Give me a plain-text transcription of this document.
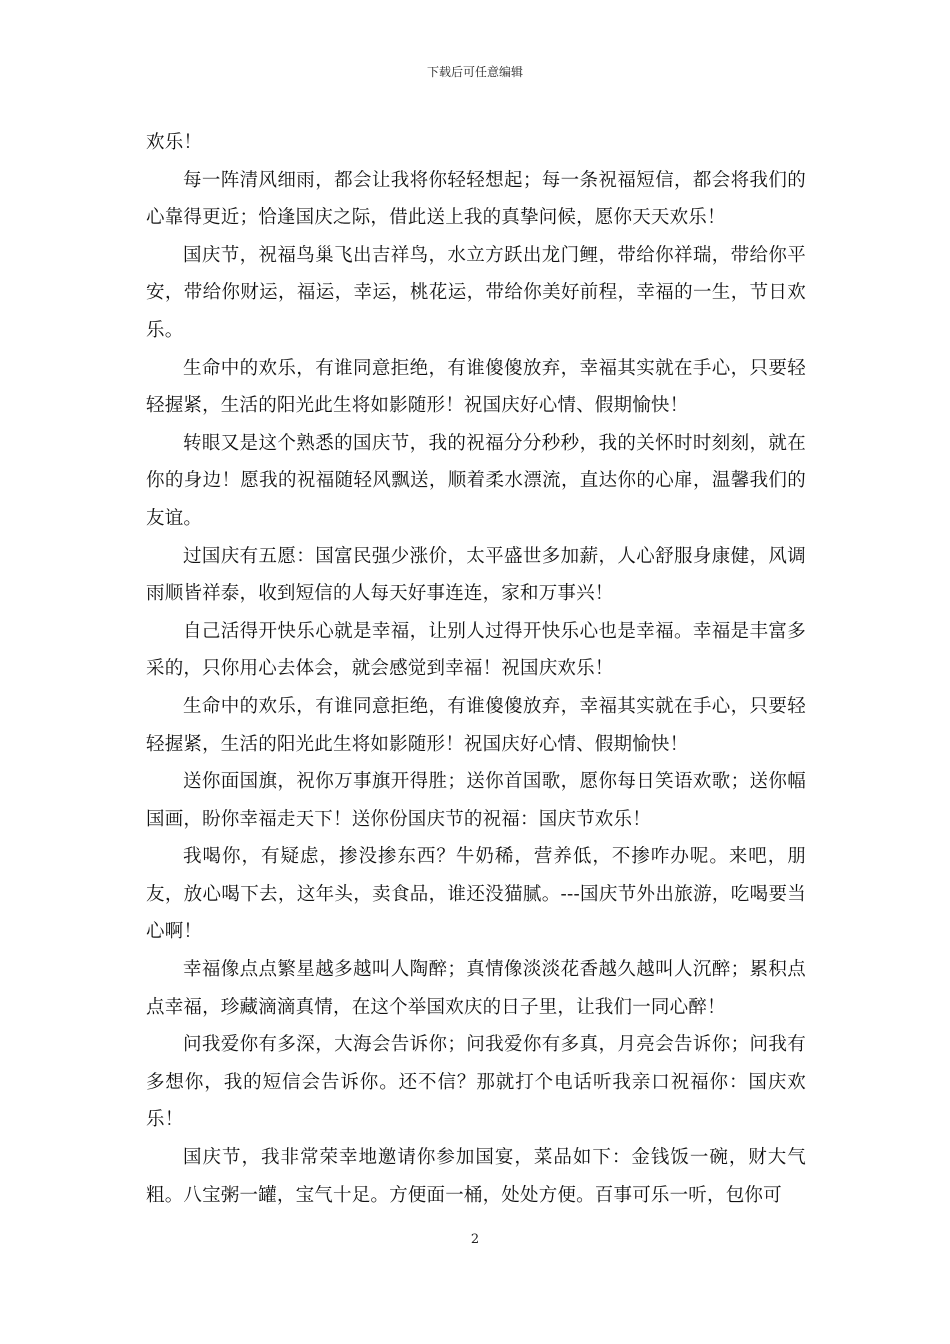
下载后可任意编辑

欢乐！

每一阵清风细雨，都会让我将你轻轻想起；每一条祝福短信，都会将我们的心靠得更近；恰逢国庆之际，借此送上我的真挚问候，愿你天天欢乐！

国庆节，祝福鸟巢飞出吉祥鸟，水立方跃出龙门鲤，带给你祥瑞，带给你平安，带给你财运，福运，幸运，桃花运，带给你美好前程，幸福的一生，节日欢乐。

生命中的欢乐，有谁同意拒绝，有谁傻傻放弃，幸福其实就在手心，只要轻轻握紧，生活的阳光此生将如影随形！祝国庆好心情、假期愉快！

转眼又是这个熟悉的国庆节，我的祝福分分秒秒，我的关怀时时刻刻，就在你的身边！愿我的祝福随轻风飘送，顺着柔水漂流，直达你的心扉，温馨我们的友谊。

过国庆有五愿：国富民强少涨价，太平盛世多加薪，人心舒服身康健，风调雨顺皆祥泰，收到短信的人每天好事连连，家和万事兴！

自己活得开快乐心就是幸福，让别人过得开快乐心也是幸福。幸福是丰富多采的，只你用心去体会，就会感觉到幸福！祝国庆欢乐！

生命中的欢乐，有谁同意拒绝，有谁傻傻放弃，幸福其实就在手心，只要轻轻握紧，生活的阳光此生将如影随形！祝国庆好心情、假期愉快！

送你面国旗，祝你万事旗开得胜；送你首国歌，愿你每日笑语欢歌；送你幅国画，盼你幸福走天下！送你份国庆节的祝福：国庆节欢乐！

我喝你，有疑虑，掺没掺东西？牛奶稀，营养低，不掺咋办呢。来吧，朋友，放心喝下去，这年头，卖食品，谁还没猫腻。---国庆节外出旅游，吃喝要当心啊！

幸福像点点繁星越多越叫人陶醉；真情像淡淡花香越久越叫人沉醉；累积点点幸福，珍藏滴滴真情，在这个举国欢庆的日子里，让我们一同心醉！

问我爱你有多深，大海会告诉你；问我爱你有多真，月亮会告诉你；问我有多想你，我的短信会告诉你。还不信？那就打个电话听我亲口祝福你：国庆欢乐！

国庆节，我非常荣幸地邀请你参加国宴，菜品如下：金钱饭一碗，财大气粗。八宝粥一罐，宝气十足。方便面一桶，处处方便。百事可乐一听，包你可

2
